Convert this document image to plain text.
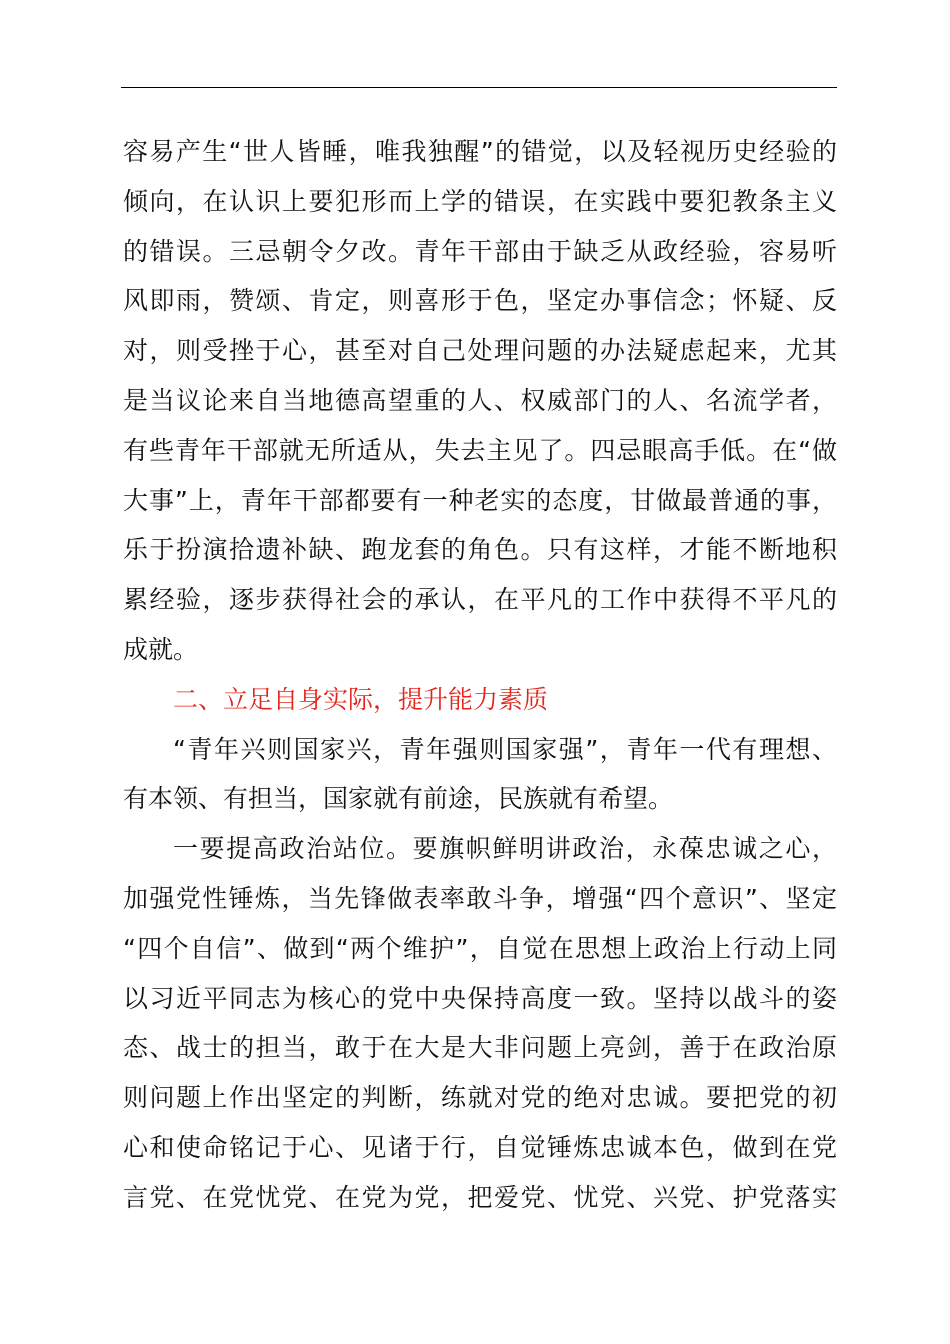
容易产生“世人皆睡，唯我独醒”的错觉，以及轻视历史经验的
倾向，在认识上要犯形而上学的错误，在实践中要犯教条主义
的错误。三忌朝令夕改。青年干部由于缺乏从政经验，容易听
风即雨，赞颂、肯定，则喜形于色，坚定办事信念；怀疑、反
对，则受挫于心，甚至对自己处理问题的办法疑虑起来，尤其
是当议论来自当地德高望重的人、权威部门的人、名流学者，
有些青年干部就无所适从，失去主见了。四忌眼高手低。在“做
大事”上，青年干部都要有一种老实的态度，甘做最普通的事，
乐于扮演拾遗补缺、跑龙套的角色。只有这样，才能不断地积
累经验，逐步获得社会的承认，在平凡的工作中获得不平凡的
成就。
二、立足自身实际，提升能力素质
“青年兴则国家兴，青年强则国家强”，青年一代有理想、
有本领、有担当，国家就有前途，民族就有希望。
一要提高政治站位。要旗帜鲜明讲政治，永葆忠诚之心，
加强党性锤炼，当先锋做表率敢斗争，增强“四个意识”、坚定
“四个自信”、做到“两个维护”，自觉在思想上政治上行动上同
以习近平同志为核心的党中央保持高度一致。坚持以战斗的姿
态、战士的担当，敢于在大是大非问题上亮剑，善于在政治原
则问题上作出坚定的判断，练就对党的绝对忠诚。要把党的初
心和使命铭记于心、见诸于行，自觉锤炼忠诚本色，做到在党
言党、在党忧党、在党为党，把爱党、忧党、兴党、护党落实
